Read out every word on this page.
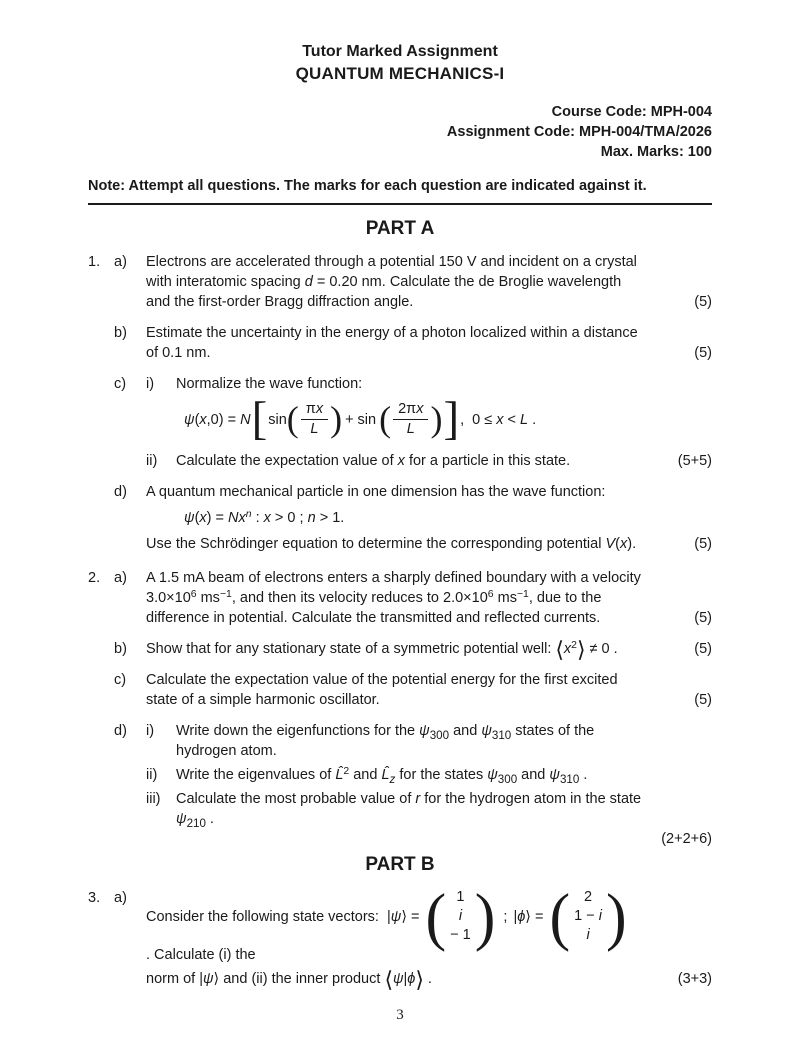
Tutor Marked Assignment
QUANTUM MECHANICS-I
Course Code: MPH-004
Assignment Code: MPH-004/TMA/2026
Max. Marks: 100
Note: Attempt all questions. The marks for each question are indicated against it.
PART A
1. a)	Electrons are accelerated through a potential 150 V and incident on a crystal with interatomic spacing d = 0.20 nm. Calculate the de Broglie wavelength and the first-order Bragg diffraction angle.	(5)
b)	Estimate the uncertainty in the energy of a photon localized within a distance of 0.1 nm.	(5)
c)	i)	Normalize the wave function:
ψ(x,0) = N [ sin ( $\frac{\pi x}{L}$ ) + sin ( $\frac{2\pi x}{L}$ ) ] ,  0 ≤ x < L .
ii)	Calculate the expectation value of x for a particle in this state.	(5+5)
d)	A quantum mechanical particle in one dimension has the wave function:
$\psi(x) = Nx^n$ : x > 0 ; n > 1.
Use the Schrödinger equation to determine the corresponding potential V(x).	(5)
2. a)	A 1.5 mA beam of electrons enters a sharply defined boundary with a velocity $3.0\times 10^6$ $ms^{-1}$, and then its velocity reduces to $2.0\times 10^6$ $ms^{-1}$, due to the difference in potential. Calculate the transmitted and reflected currents.	(5)
b)	Show that for any stationary state of a symmetric potential well: $⟨x^2⟩ \ne 0$ .	(5)
c)	Calculate the expectation value of the potential energy for the first excited state of a simple harmonic oscillator.	(5)
d)	i)	Write down the eigenfunctions for the $\psi_{300}$ and $\psi_{310}$ states of the hydrogen atom.
ii)	Write the eigenvalues of L̂$^2$ and $L̂_z$ for the states $\psi_{300}$ and $\psi_{310}$ .
iii)	Calculate the most probable value of r for the hydrogen atom in the state $\psi_{210}$ .
(2+2+6)
PART B
3. a)
Consider the following state vectors: |ψ⟩ = ( 1
i
− 1 ) ; |ϕ⟩ = ( 2
1 − i
i )
. Calculate (i) the
norm of |ψ⟩ and (ii) the inner product ⟨ψ|ϕ⟩ .	(3+3)
3
